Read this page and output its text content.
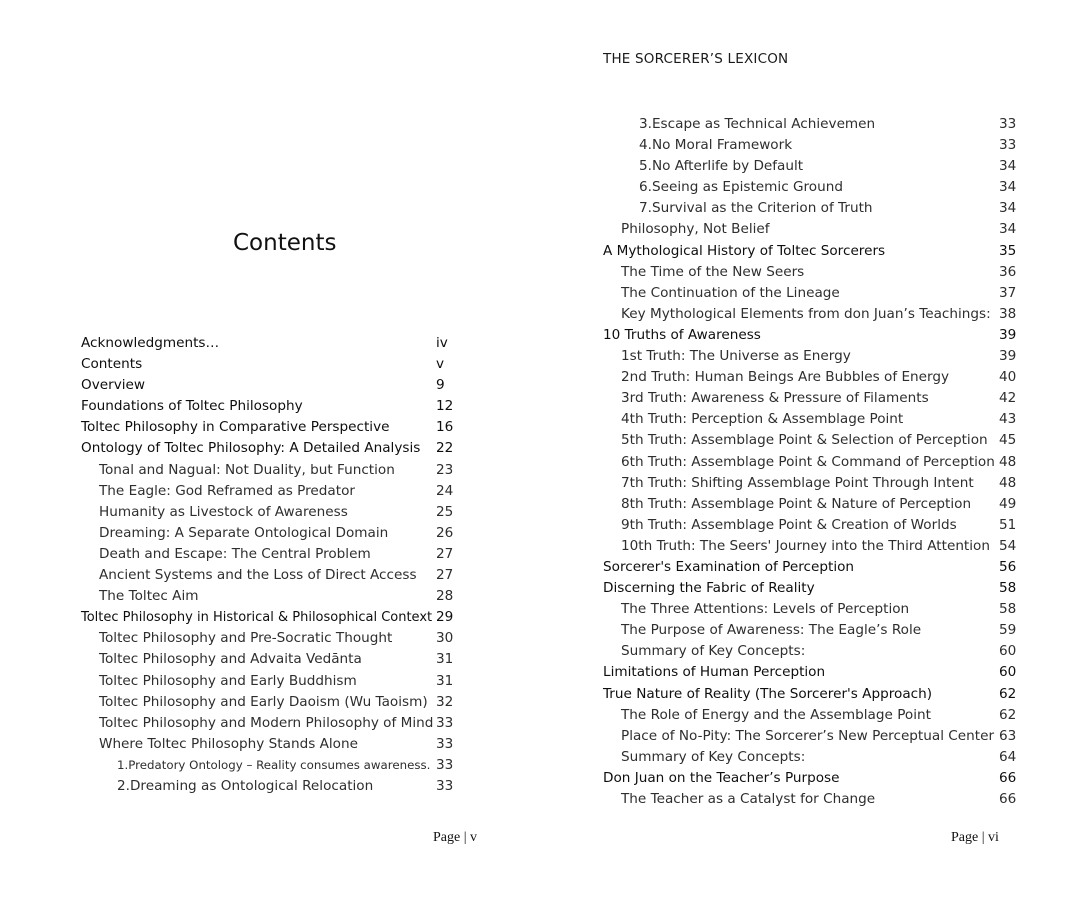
Contents
Acknowledgments…	iv
Contents	v
Overview	9
Foundations of Toltec Philosophy	12
Toltec Philosophy in Comparative Perspective	16
Ontology of Toltec Philosophy: A Detailed Analysis 22
Tonal and Nagual: Not Duality, but Function	23
The Eagle: God Reframed as Predator	24
Humanity as Livestock of Awareness	25
Dreaming: A Separate Ontological Domain	26
Death and Escape: The Central Problem	27
Ancient Systems and the Loss of Direct Access 27
The Toltec Aim	28
Toltec Philosophy in Historical & Philosophical Context 29
Toltec Philosophy and Pre-Socratic Thought	30
Toltec Philosophy and Advaita Vedānta	31
Toltec Philosophy and Early Buddhism	31
Toltec Philosophy and Early Daoism (Wu Taoism) 32
Toltec Philosophy and Modern Philosophy of Mind 33
Where Toltec Philosophy Stands Alone	33
1.Predatory Ontology – Reality consumes awareness. 33
2.Dreaming as Ontological Relocation	33
Page | v
THE SORCERER’S LEXICON
3.Escape as Technical Achievemen	33
4.No Moral Framework	33
5.No Afterlife by Default	34
6.Seeing as Epistemic Ground	34
7.Survival as the Criterion of Truth	34
Philosophy, Not Belief	34
A Mythological History of Toltec Sorcerers	35
The Time of the New Seers	36
The Continuation of the Lineage	37
Key Mythological Elements from don Juan’s Teachings: 38
10 Truths of Awareness	39
1st Truth: The Universe as Energy	39
2nd Truth: Human Beings Are Bubbles of Energy	40
3rd Truth: Awareness & Pressure of Filaments	42
4th Truth: Perception & Assemblage Point	43
5th Truth: Assemblage Point & Selection of Perception 45
6th Truth: Assemblage Point & Command of Perception 48
7th Truth: Shifting Assemblage Point Through Intent 48
8th Truth: Assemblage Point & Nature of Perception 49
9th Truth: Assemblage Point & Creation of Worlds	51
10th Truth: The Seers' Journey into the Third Attention 54
Sorcerer's Examination of Perception	56
Discerning the Fabric of Reality	58
The Three Attentions: Levels of Perception	58
The Purpose of Awareness: The Eagle’s Role	59
Summary of Key Concepts:	60
Limitations of Human Perception	60
True Nature of Reality (The Sorcerer's Approach)	62
The Role of Energy and the Assemblage Point	62
Place of No-Pity: The Sorcerer’s New Perceptual Center 63
Summary of Key Concepts:	64
Don Juan on the Teacher’s Purpose	66
The Teacher as a Catalyst for Change	66
Page | vi
